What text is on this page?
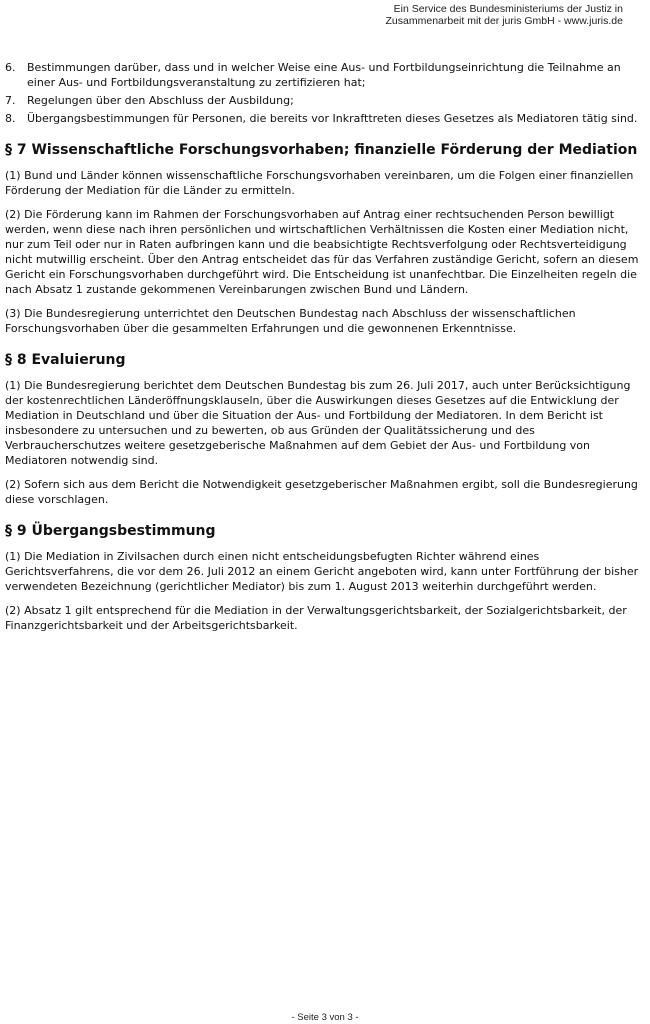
Ein Service des Bundesministeriums der Justiz in
Zusammenarbeit mit der juris GmbH - www.juris.de
6.	Bestimmungen darüber, dass und in welcher Weise eine Aus- und Fortbildungseinrichtung die Teilnahme an einer Aus- und Fortbildungsveranstaltung zu zertifizieren hat;
7.	Regelungen über den Abschluss der Ausbildung;
8.	Übergangsbestimmungen für Personen, die bereits vor Inkrafttreten dieses Gesetzes als Mediatoren tätig sind.
§ 7 Wissenschaftliche Forschungsvorhaben; finanzielle Förderung der Mediation

(1) Bund und Länder können wissenschaftliche Forschungsvorhaben vereinbaren, um die Folgen einer finanziellen Förderung der Mediation für die Länder zu ermitteln.

(2) Die Förderung kann im Rahmen der Forschungsvorhaben auf Antrag einer rechtsuchenden Person bewilligt werden, wenn diese nach ihren persönlichen und wirtschaftlichen Verhältnissen die Kosten einer Mediation nicht, nur zum Teil oder nur in Raten aufbringen kann und die beabsichtigte Rechtsverfolgung oder Rechtsverteidigung nicht mutwillig erscheint. Über den Antrag entscheidet das für das Verfahren zuständige Gericht, sofern an diesem Gericht ein Forschungsvorhaben durchgeführt wird. Die Entscheidung ist unanfechtbar. Die Einzelheiten regeln die nach Absatz 1 zustande gekommenen Vereinbarungen zwischen Bund und Ländern.

(3) Die Bundesregierung unterrichtet den Deutschen Bundestag nach Abschluss der wissenschaftlichen Forschungsvorhaben über die gesammelten Erfahrungen und die gewonnenen Erkenntnisse.

§ 8 Evaluierung

(1) Die Bundesregierung berichtet dem Deutschen Bundestag bis zum 26. Juli 2017, auch unter Berücksichtigung der kostenrechtlichen Länderöffnungsklauseln, über die Auswirkungen dieses Gesetzes auf die Entwicklung der Mediation in Deutschland und über die Situation der Aus- und Fortbildung der Mediatoren. In dem Bericht ist insbesondere zu untersuchen und zu bewerten, ob aus Gründen der Qualitätssicherung und des Verbraucherschutzes weitere gesetzgeberische Maßnahmen auf dem Gebiet der Aus- und Fortbildung von Mediatoren notwendig sind.

(2) Sofern sich aus dem Bericht die Notwendigkeit gesetzgeberischer Maßnahmen ergibt, soll die Bundesregierung diese vorschlagen.

§ 9 Übergangsbestimmung

(1) Die Mediation in Zivilsachen durch einen nicht entscheidungsbefugten Richter während eines Gerichtsverfahrens, die vor dem 26. Juli 2012 an einem Gericht angeboten wird, kann unter Fortführung der bisher verwendeten Bezeichnung (gerichtlicher Mediator) bis zum 1. August 2013 weiterhin durchgeführt werden.

(2) Absatz 1 gilt entsprechend für die Mediation in der Verwaltungsgerichtsbarkeit, der Sozialgerichtsbarkeit, der Finanzgerichtsbarkeit und der Arbeitsgerichtsbarkeit.

- Seite 3 von 3 -
